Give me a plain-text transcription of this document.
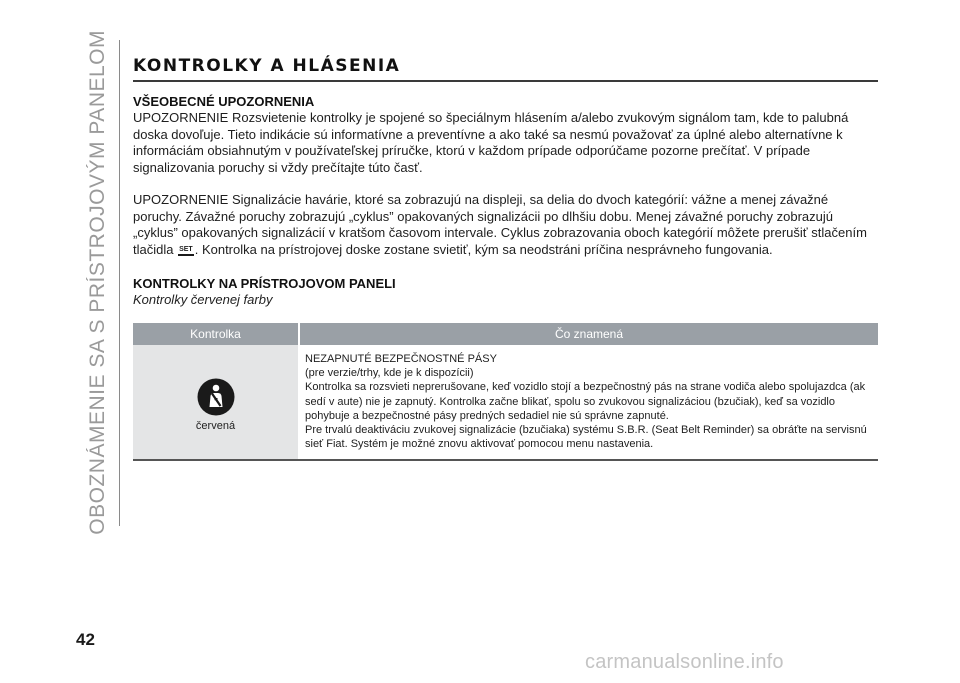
OBOZNÁMENIE SA S PRÍSTROJOVÝM PANELOM KONTROLKY A HLÁSENIA
VŠEOBECNÉ UPOZORNENIA

UPOZORNENIE Rozsvietenie kontrolky je spojené so špeciálnym hlásením a/alebo zvukovým signálom tam, kde to palubná doska dovoľuje. Tieto indikácie sú informatívne a preventívne a ako také sa nesmú považovať za úplné alebo alternatívne k informáciám obsiahnutým v používateľskej príručke, ktorú v každom prípade odporúčame pozorne prečítať. V prípade signalizovania poruchy si vždy prečítajte túto časť.

UPOZORNENIE Signalizácie havárie, ktoré sa zobrazujú na displeji, sa delia do dvoch kategórií: vážne a menej závažné poruchy. Závažné poruchy zobrazujú „cyklus” opakovaných signalizácii po dlhšiu dobu. Menej závažné poruchy zobrazujú „cyklus” opakovaných signalizácií v kratšom časovom intervale. Cyklus zobrazovania oboch kategórií môžete prerušiť stlačením tlačidla SET . Kontrolka na prístrojovej doske zostane svietiť, kým sa neodstráni príčina nesprávneho fungovania.

KONTROLKY NA PRÍSTROJOVOM PANELI
Kontrolky červenej farby
Kontrolka	Čo znamená
červená
NEZAPNUTÉ BEZPEČNOSTNÉ PÁSY
(pre verzie/trhy, kde je k dispozícii)
Kontrolka sa rozsvieti neprerušovane, keď vozidlo stojí a bezpečnostný pás na strane vodiča alebo spolujazdca (ak sedí v aute) nie je zapnutý. Kontrolka začne blikať, spolu so zvukovou signalizáciou (bzučiak), keď sa vozidlo pohybuje a bezpečnostné pásy predných sedadiel nie sú správne zapnuté.
Pre trvalú deaktiváciu zvukovej signalizácie (bzučiaka) systému S.B.R. (Seat Belt Reminder) sa obráťte na servisnú sieť Fiat. Systém je možné znovu aktivovať pomocou menu nastavenia.
42
carmanualsonline.info
